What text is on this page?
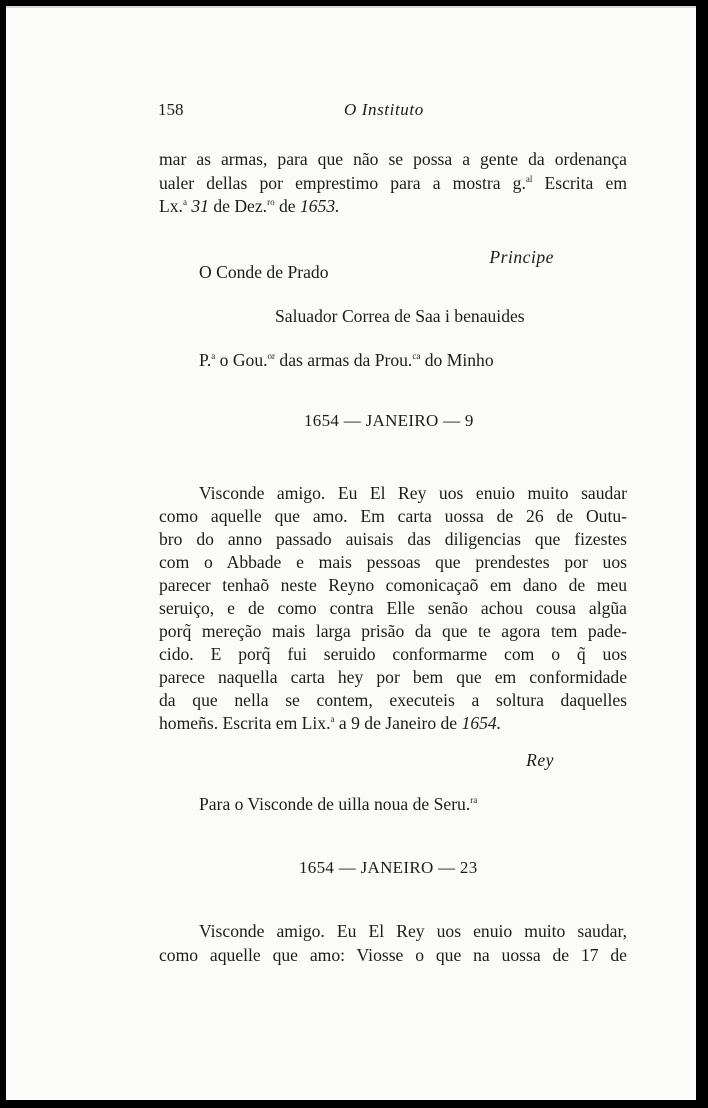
158	O Instituto
mar as armas, para que não se possa a gente da ordenança
ualer dellas por emprestimo para a mostra g.$^{al}$ Escrita em
Lx.$^a$ 31 de Dez.$^{ro}$ de 1653.
Principe
O Conde de Prado
Saluador Correa de Saa i benauides
P.$^a$ o Gou.$^{or}$ das armas da Prou.$^{ca}$ do Minho
1654 — JANEIRO — 9
Visconde amigo. Eu El Rey uos enuio muito saudar
como aquelle que amo. Em carta uossa de 26 de Outu-
bro do anno passado auisais das diligencias que fizestes
com o Abbade e mais pessoas que prendestes por uos
parecer tenhaõ neste Reyno comonicaçaõ em dano de meu
seruiço, e de como contra Elle senão achou cousa algũa
porq̃ mereção mais larga prisão da que te agora tem pade-
cido. E porq̃ fui seruido conformarme com o q̃ uos
parece naquella carta hey por bem que em conformidade
da que nella se contem, executeis a soltura daquelles
homeñs. Escrita em Lix.$^a$ a 9 de Janeiro de 1654.
Rey
Para o Visconde de uilla noua de Seru.$^{ra}$
1654 — JANEIRO — 23
Visconde amigo. Eu El Rey uos enuio muito saudar,
como aquelle que amo: Viosse o que na uossa de 17 de
